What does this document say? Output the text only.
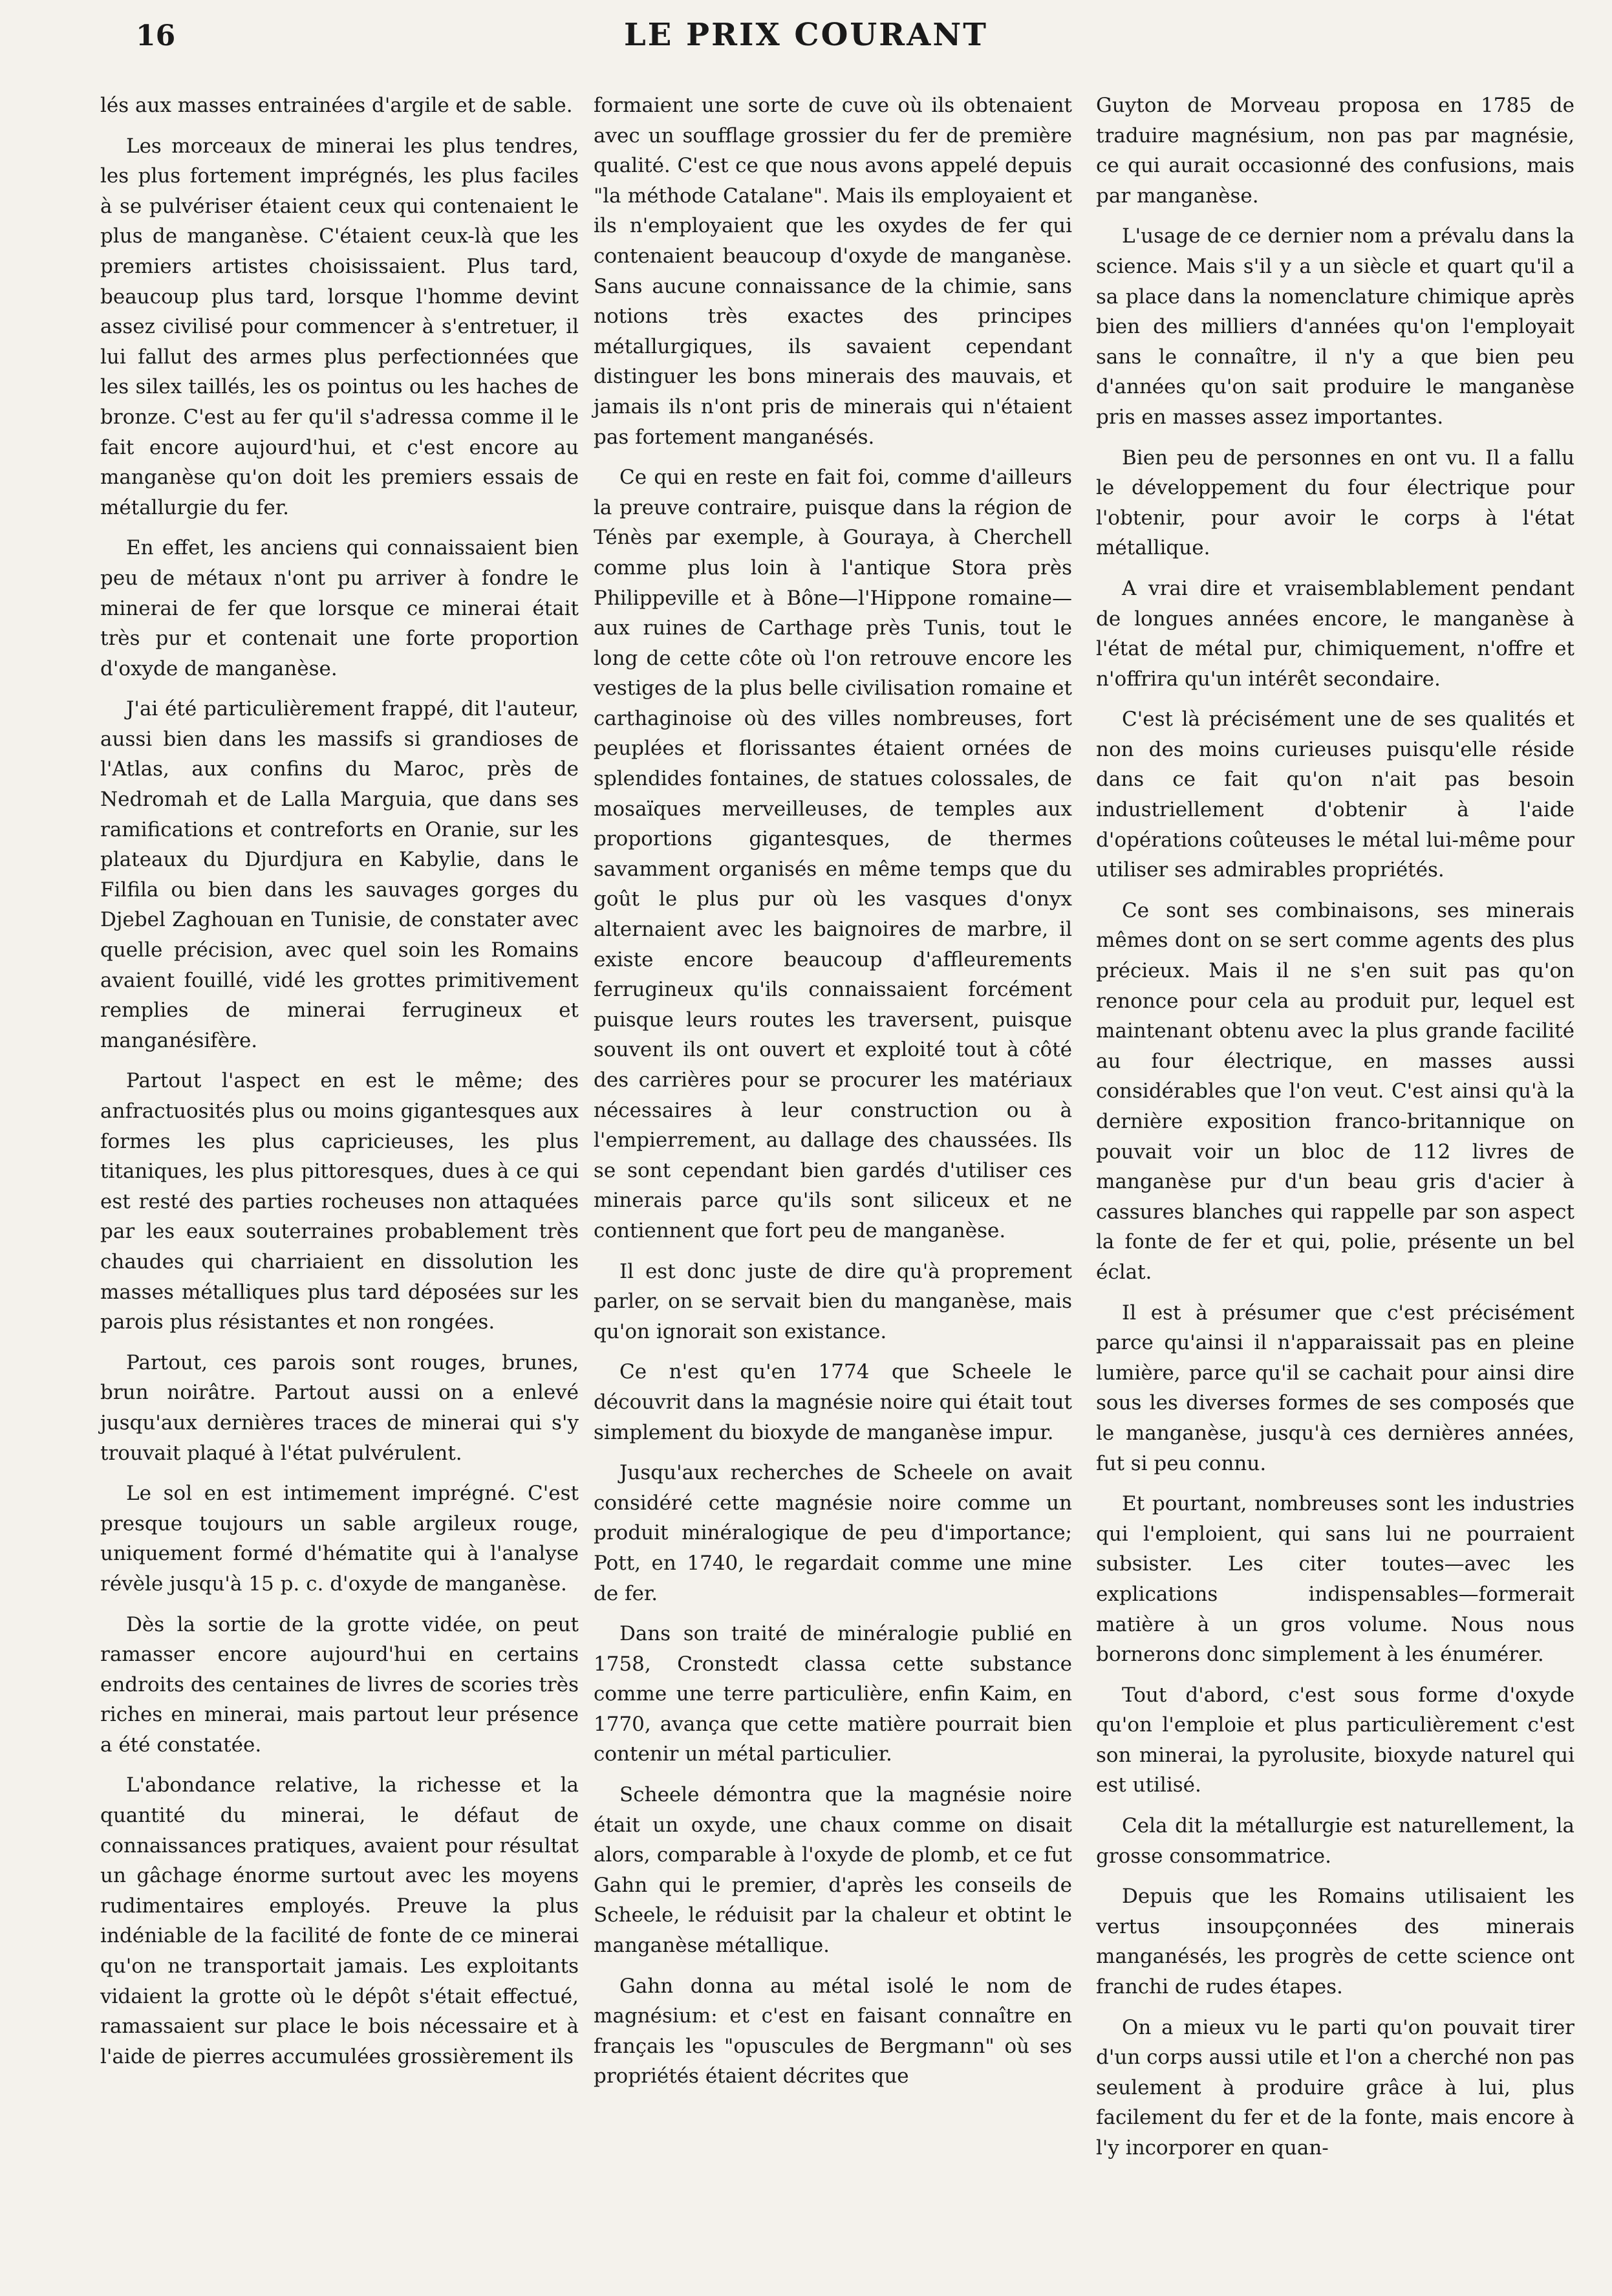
16	LE PRIX COURANT

lés aux masses entrainées d'argile et de sable.

Les morceaux de minerai les plus tendres, les plus fortement imprégnés, les plus faciles à se pulvériser étaient ceux qui contenaient le plus de manganèse. C'étaient ceux-là que les premiers artistes choisissaient. Plus tard, beaucoup plus tard, lorsque l'homme devint assez civilisé pour commencer à s'entretuer, il lui fallut des armes plus perfectionnées que les silex taillés, les os pointus ou les haches de bronze. C'est au fer qu'il s'adressa comme il le fait encore aujourd'hui, et c'est encore au manganèse qu'on doit les premiers essais de métallurgie du fer.

En effet, les anciens qui connaissaient bien peu de métaux n'ont pu arriver à fondre le minerai de fer que lorsque ce minerai était très pur et contenait une forte proportion d'oxyde de manganèse.

J'ai été particulièrement frappé, dit l'auteur, aussi bien dans les massifs si grandioses de l'Atlas, aux confins du Maroc, près de Nedromah et de Lalla Marguia, que dans ses ramifications et contreforts en Oranie, sur les plateaux du Djurdjura en Kabylie, dans le Filfila ou bien dans les sauvages gorges du Djebel Zaghouan en Tunisie, de constater avec quelle précision, avec quel soin les Romains avaient fouillé, vidé les grottes primitivement remplies de minerai ferrugineux et manganésifère.

Partout l'aspect en est le même; des anfractuosités plus ou moins gigantesques aux formes les plus capricieuses, les plus titaniques, les plus pittoresques, dues à ce qui est resté des parties rocheuses non attaquées par les eaux souterraines probablement très chaudes qui charriaient en dissolution les masses métalliques plus tard déposées sur les parois plus résistantes et non rongées.

Partout, ces parois sont rouges, brunes, brun noirâtre. Partout aussi on a enlevé jusqu'aux dernières traces de minerai qui s'y trouvait plaqué à l'état pulvérulent.

Le sol en est intimement imprégné. C'est presque toujours un sable argileux rouge, uniquement formé d'hématite qui à l'analyse révèle jusqu'à 15 p. c. d'oxyde de manganèse.

Dès la sortie de la grotte vidée, on peut ramasser encore aujourd'hui en certains endroits des centaines de livres de scories très riches en minerai, mais partout leur présence a été constatée.

L'abondance relative, la richesse et la quantité du minerai, le défaut de connaissances pratiques, avaient pour résultat un gâchage énorme surtout avec les moyens rudimentaires employés. Preuve la plus indéniable de la facilité de fonte de ce minerai qu'on ne transportait jamais. Les exploitants vidaient la grotte où le dépôt s'était effectué, ramassaient sur place le bois nécessaire et à l'aide de pierres accumulées grossièrement ils

formaient une sorte de cuve où ils obtenaient avec un soufflage grossier du fer de première qualité. C'est ce que nous avons appelé depuis "la méthode Catalane". Mais ils employaient et ils n'employaient que les oxydes de fer qui contenaient beaucoup d'oxyde de manganèse. Sans aucune connaissance de la chimie, sans notions très exactes des principes métallurgiques, ils savaient cependant distinguer les bons minerais des mauvais, et jamais ils n'ont pris de minerais qui n'étaient pas fortement manganésés.

Ce qui en reste en fait foi, comme d'ailleurs la preuve contraire, puisque dans la région de Ténès par exemple, à Gouraya, à Cherchell comme plus loin à l'antique Stora près Philippeville et à Bône—l'Hippone romaine—aux ruines de Carthage près Tunis, tout le long de cette côte où l'on retrouve encore les vestiges de la plus belle civilisation romaine et carthaginoise où des villes nombreuses, fort peuplées et florissantes étaient ornées de splendides fontaines, de statues colossales, de mosaïques merveilleuses, de temples aux proportions gigantesques, de thermes savamment organisés en même temps que du goût le plus pur où les vasques d'onyx alternaient avec les baignoires de marbre, il existe encore beaucoup d'affleurements ferrugineux qu'ils connaissaient forcément puisque leurs routes les traversent, puisque souvent ils ont ouvert et exploité tout à côté des carrières pour se procurer les matériaux nécessaires à leur construction ou à l'empierrement, au dallage des chaussées. Ils se sont cependant bien gardés d'utiliser ces minerais parce qu'ils sont siliceux et ne contiennent que fort peu de manganèse.

Il est donc juste de dire qu'à proprement parler, on se servait bien du manganèse, mais qu'on ignorait son existance.

Ce n'est qu'en 1774 que Scheele le découvrit dans la magnésie noire qui était tout simplement du bioxyde de manganèse impur.

Jusqu'aux recherches de Scheele on avait considéré cette magnésie noire comme un produit minéralogique de peu d'importance; Pott, en 1740, le regardait comme une mine de fer.

Dans son traité de minéralogie publié en 1758, Cronstedt classa cette substance comme une terre particulière, enfin Kaim, en 1770, avança que cette matière pourrait bien contenir un métal particulier.

Scheele démontra que la magnésie noire était un oxyde, une chaux comme on disait alors, comparable à l'oxyde de plomb, et ce fut Gahn qui le premier, d'après les conseils de Scheele, le réduisit par la chaleur et obtint le manganèse métallique.

Gahn donna au métal isolé le nom de magnésium: et c'est en faisant connaître en français les "opuscules de Bergmann" où ses propriétés étaient décrites que

Guyton de Morveau proposa en 1785 de traduire magnésium, non pas par magnésie, ce qui aurait occasionné des confusions, mais par manganèse.

L'usage de ce dernier nom a prévalu dans la science. Mais s'il y a un siècle et quart qu'il a sa place dans la nomenclature chimique après bien des milliers d'années qu'on l'employait sans le connaître, il n'y a que bien peu d'années qu'on sait produire le manganèse pris en masses assez importantes.

Bien peu de personnes en ont vu. Il a fallu le développement du four électrique pour l'obtenir, pour avoir le corps à l'état métallique.

A vrai dire et vraisemblablement pendant de longues années encore, le manganèse à l'état de métal pur, chimiquement, n'offre et n'offrira qu'un intérêt secondaire.

C'est là précisément une de ses qualités et non des moins curieuses puisqu'elle réside dans ce fait qu'on n'ait pas besoin industriellement d'obtenir à l'aide d'opérations coûteuses le métal lui-même pour utiliser ses admirables propriétés.

Ce sont ses combinaisons, ses minerais mêmes dont on se sert comme agents des plus précieux. Mais il ne s'en suit pas qu'on renonce pour cela au produit pur, lequel est maintenant obtenu avec la plus grande facilité au four électrique, en masses aussi considérables que l'on veut. C'est ainsi qu'à la dernière exposition franco-britannique on pouvait voir un bloc de 112 livres de manganèse pur d'un beau gris d'acier à cassures blanches qui rappelle par son aspect la fonte de fer et qui, polie, présente un bel éclat.

Il est à présumer que c'est précisément parce qu'ainsi il n'apparaissait pas en pleine lumière, parce qu'il se cachait pour ainsi dire sous les diverses formes de ses composés que le manganèse, jusqu'à ces dernières années, fut si peu connu.

Et pourtant, nombreuses sont les industries qui l'emploient, qui sans lui ne pourraient subsister. Les citer toutes—avec les explications indispensables—formerait matière à un gros volume. Nous nous bornerons donc simplement à les énumérer.

Tout d'abord, c'est sous forme d'oxyde qu'on l'emploie et plus particulièrement c'est son minerai, la pyrolusite, bioxyde naturel qui est utilisé.

Cela dit la métallurgie est naturellement, la grosse consommatrice.

Depuis que les Romains utilisaient les vertus insoupçonnées des minerais manganésés, les progrès de cette science ont franchi de rudes étapes.

On a mieux vu le parti qu'on pouvait tirer d'un corps aussi utile et l'on a cherché non pas seulement à produire grâce à lui, plus facilement du fer et de la fonte, mais encore à l'y incorporer en quan-
